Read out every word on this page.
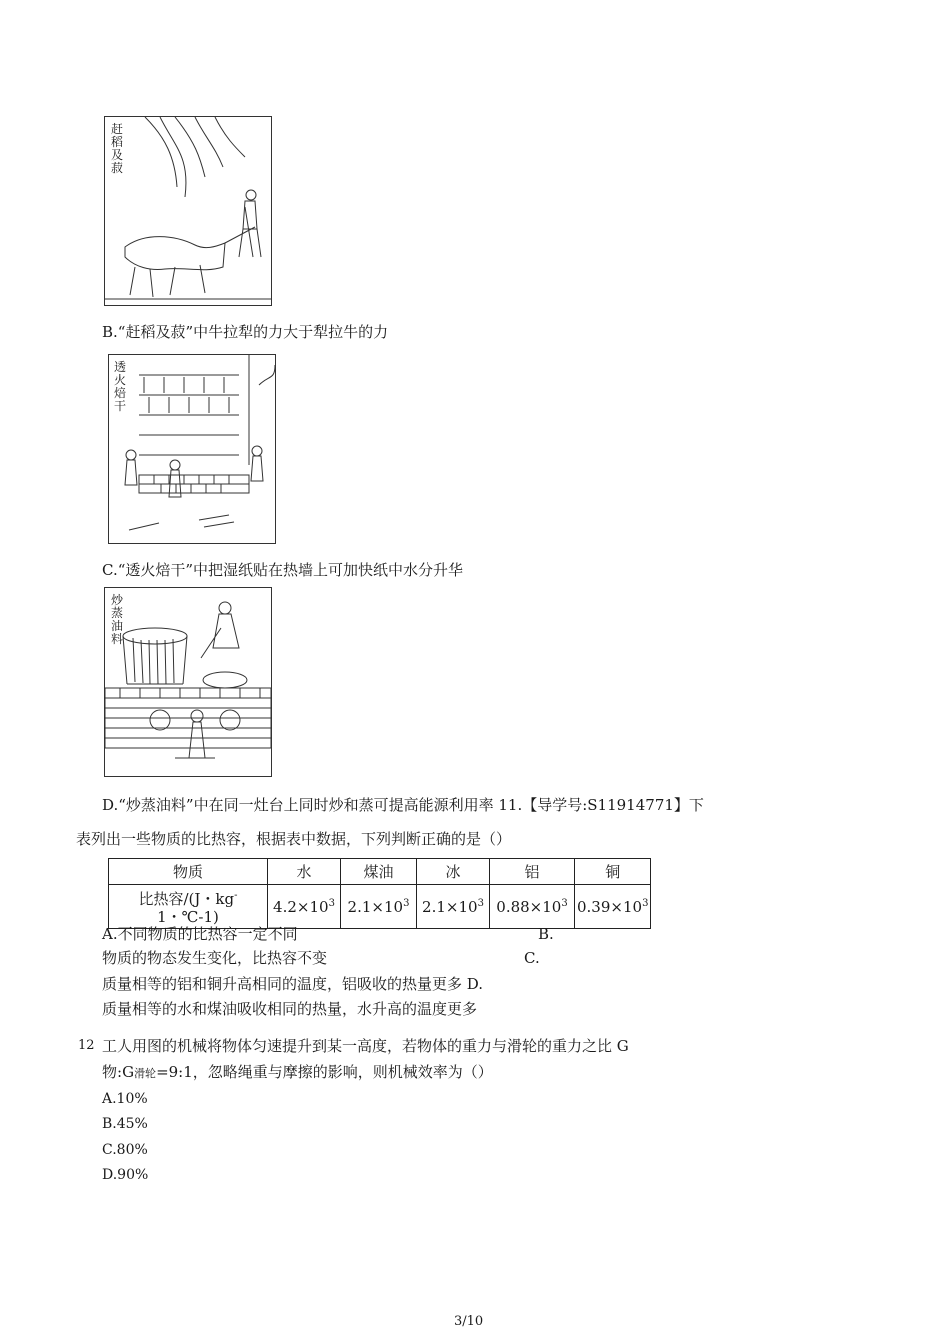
赶稻及菽
B.“赶稻及菽”中牛拉犁的力大于犁拉牛的力
透火焙干
C.“透火焙干”中把湿纸贴在热墙上可加快纸中水分升华
炒蒸油料
D.“炒蒸油料”中在同一灶台上同时炒和蒸可提高能源利用率 11.【导学号:S11914771】下
表列出一些物质的比热容，根据表中数据，下列判断正确的是（）
物质	水	煤油	冰	铝	铜
比热容/(J・kg-
1・℃-1)	$4.2\times 10^3$	$2.1\times 10^3$	$2.1\times 10^3$	$0.88\times 10^3$	$0.39\times 10^3$
A.不同物质的比热容一定不同	B.
物质的物态发生变化，比热容不变	C.
质量相等的铝和铜升高相同的温度，铝吸收的热量更多 D.
质量相等的水和煤油吸收相同的热量，水升高的温度更多
12 工人用图的机械将物体匀速提升到某一高度，若物体的重力与滑轮的重力之比 G
物:G滑轮=9:1，忽略绳重与摩擦的影响，则机械效率为（）
A.10%
B.45%
C.80%
D.90%
3/10
